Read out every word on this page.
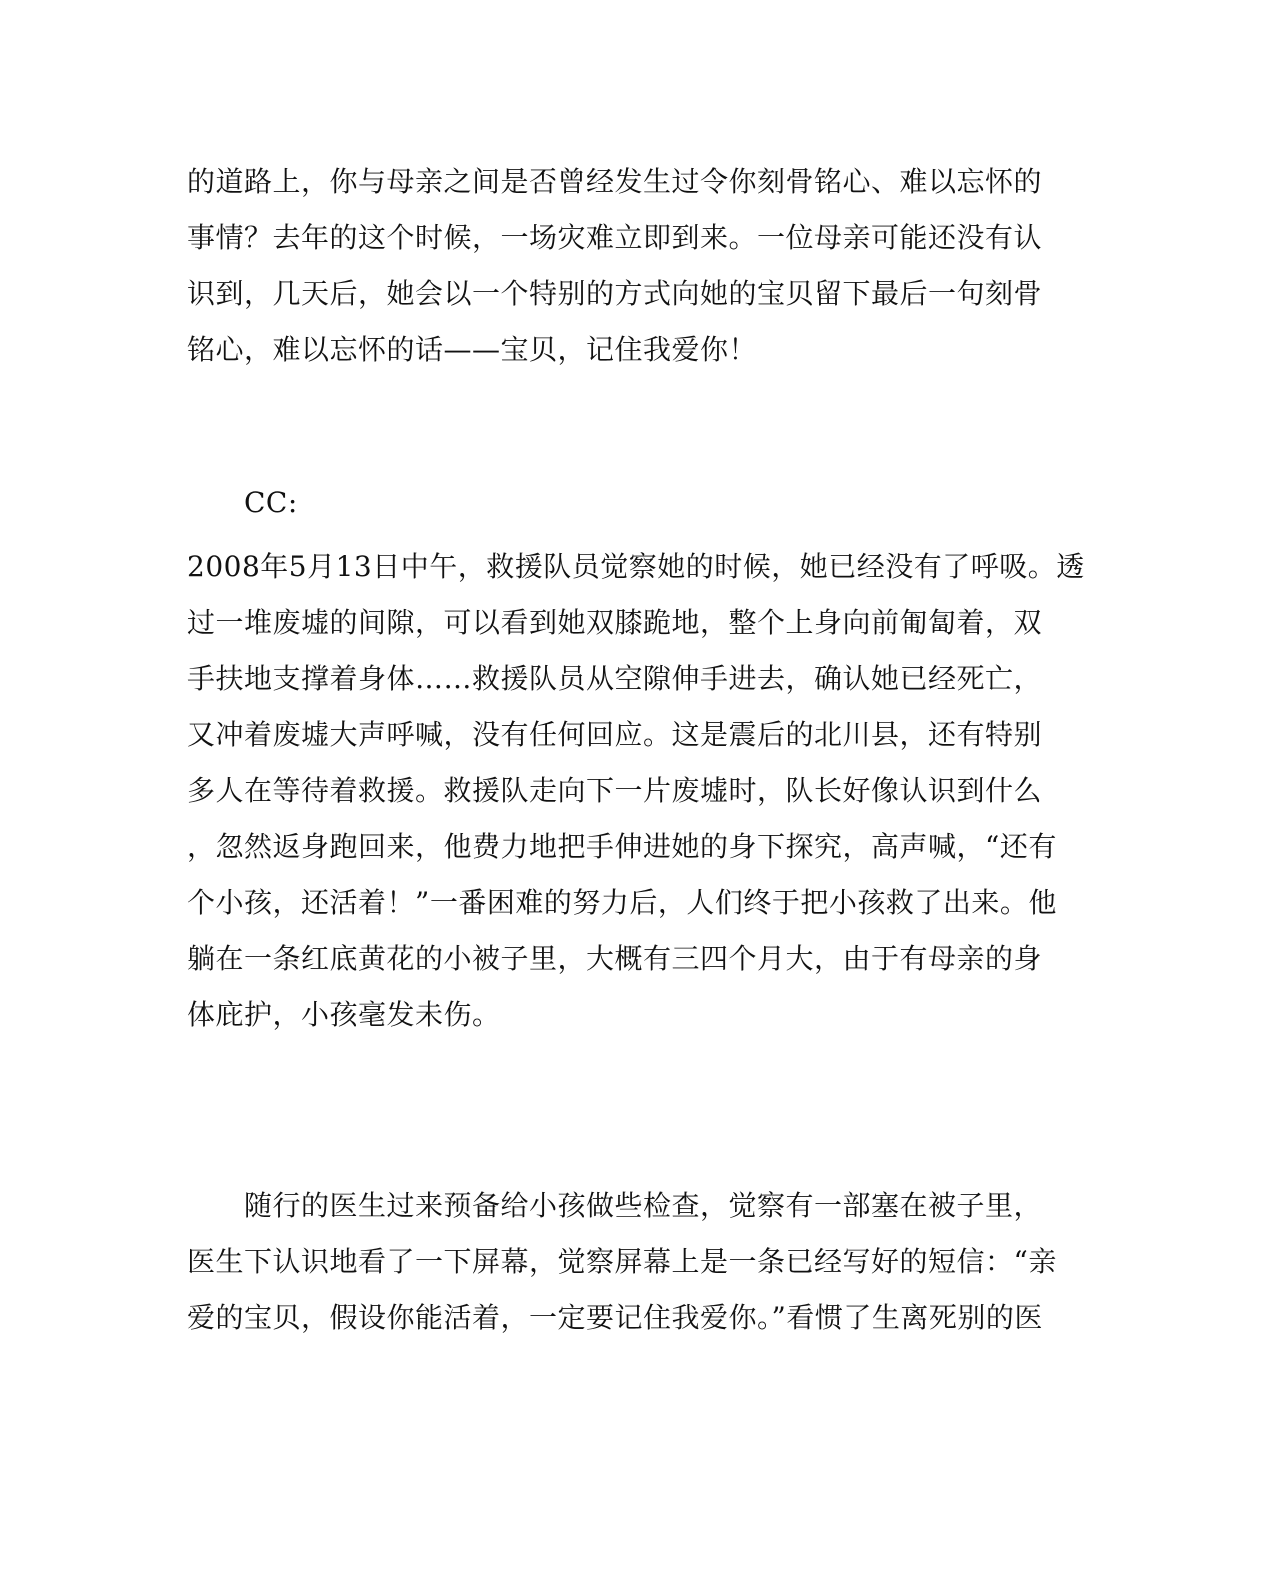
的道路上，你与母亲之间是否曾经发生过令你刻骨铭心、难以忘怀的
事情？去年的这个时候，一场灾难立即到来。一位母亲可能还没有认
识到，几天后，她会以一个特别的方式向她的宝贝留下最后一句刻骨
铭心，难以忘怀的话——宝贝，记住我爱你！
CC:
2008年5月13日中午，救援队员觉察她的时候，她已经没有了呼吸。透
过一堆废墟的间隙，可以看到她双膝跪地，整个上身向前匍匐着，双
手扶地支撑着身体……救援队员从空隙伸手进去，确认她已经死亡，
又冲着废墟大声呼喊，没有任何回应。这是震后的北川县，还有特别
多人在等待着救援。救援队走向下一片废墟时，队长好像认识到什么
，忽然返身跑回来，他费力地把手伸进她的身下探究，高声喊，“还有
个小孩，还活着！”一番困难的努力后，人们终于把小孩救了出来。他
躺在一条红底黄花的小被子里，大概有三四个月大，由于有母亲的身
体庇护，小孩毫发未伤。
随行的医生过来预备给小孩做些检查，觉察有一部塞在被子里，
医生下认识地看了一下屏幕，觉察屏幕上是一条已经写好的短信：“亲
爱的宝贝，假设你能活着，一定要记住我爱你。”看惯了生离死别的医
